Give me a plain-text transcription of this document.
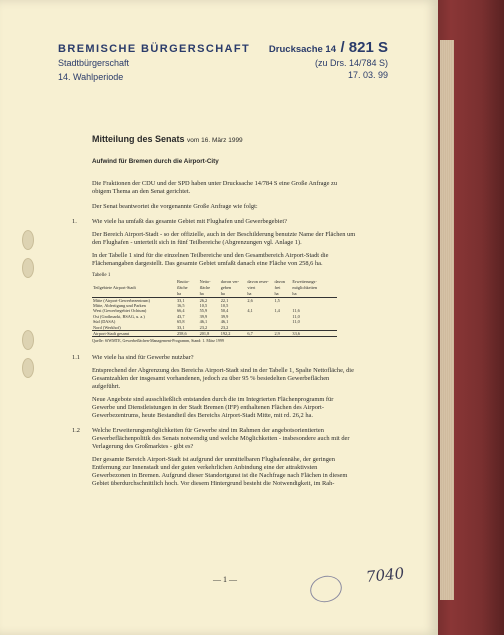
BREMISCHE BÜRGERSCHAFT
Stadtbürgerschaft
14. Wahlperiode
Drucksache 14 / 821 S
(zu Drs. 14/784 S)
17. 03. 99
Mitteilung des Senats vom 16. März 1999
Aufwind für Bremen durch die Airport-City

Die Fraktionen der CDU und der SPD haben unter Drucksache 14/784 S eine Große Anfrage zu obigem Thema an den Senat gerichtet.

Der Senat beantwortet die vorgenannte Große Anfrage wie folgt:

1.	Wie viele ha umfaßt das gesamte Gebiet mit Flughafen und Gewerbegebiet?

Der Bereich Airport-Stadt - so der offizielle, auch in der Beschilderung benutzte Name der Flächen um den Flughafen - unterteilt sich in fünf Teilbereiche (Abgrenzungen vgl. Anlage 1).

In der Tabelle 1 sind für die einzelnen Teilbereiche und den Gesamtbereich Airport-Stadt die Flächenangaben dargestellt. Das gesamte Gebiet umfaßt danach eine Fläche von 258,6 ha.

Tabelle 1
Teilgebiete Airport-Stadt	Brutto-fläche	Netto-fläche	davon ver-geben	davon reser-viert	davon frei	Erweiterungs-möglichkeiten
	ha	ha	ha	ha	ha	ha
Mitte (Airport-Gewerbezentrum)	33,1	26,2	22,1	2,6	1,5	
Mitte, Abfertigung und Parken	16,5	10,5	10,5			
West (Gewerbegebiet Ochtum)	66,4	55,9	50,4	4,1	1,4	11,6
Ost (Großmarkt, BSAG, u. a.)	43,7	39,9	39,9			11,0
Süd (DASA)	65,8	46,1	46,1			11,0
Nord (Werkhof)	33,1	23,2	23,2			
Airport-Stadt gesamt	258,6	201,8	192,2	6,7	2,9	33,6
Quelle: SfWMTE, Gewerbeflächen-Management-Programm, Stand: 1. März 1999
1.1	Wie viele ha sind für Gewerbe nutzbar?

Entsprechend der Abgrenzung des Bereichs Airport-Stadt sind in der Tabelle 1, Spalte Nettofläche, die Gesamtzahlen der insgesamt vorhandenen, jedoch zu über 95 % besiedelten Gewerbeflächen aufgeführt.

Neue Angebote sind ausschließlich entstanden durch die im Integrierten Flächenprogramm für Gewerbe und Dienstleistungen in der Stadt Bremen (IFP) enthaltenen Flächen des Airport-Gewerbezentrums, heute Bestandteil des Bereichs Airport-Stadt Mitte, mit rd. 26,2 ha.

1.2	Welche Erweiterungsmöglichkeiten für Gewerbe sind im Rahmen der angebotsorientierten Gewerbeflächenpolitik des Senats notwendig und welche Möglichkeiten - insbesondere auch mit der Verlagerung des Großmarktes - gibt es?

Der gesamte Bereich Airport-Stadt ist aufgrund der unmittelbaren Flughafennähe, der geringen Entfernung zur Innenstadt und der guten verkehrlichen Anbindung eine der attraktivsten Gewerbezonen in Bremen. Aufgrund dieser Standortgunst ist die Nachfrage nach Flächen in diesem Gebiet überdurchschnittlich hoch. Vor diesem Hintergrund besteht die Notwendigkeit, im Rah-

— 1 —	7040
